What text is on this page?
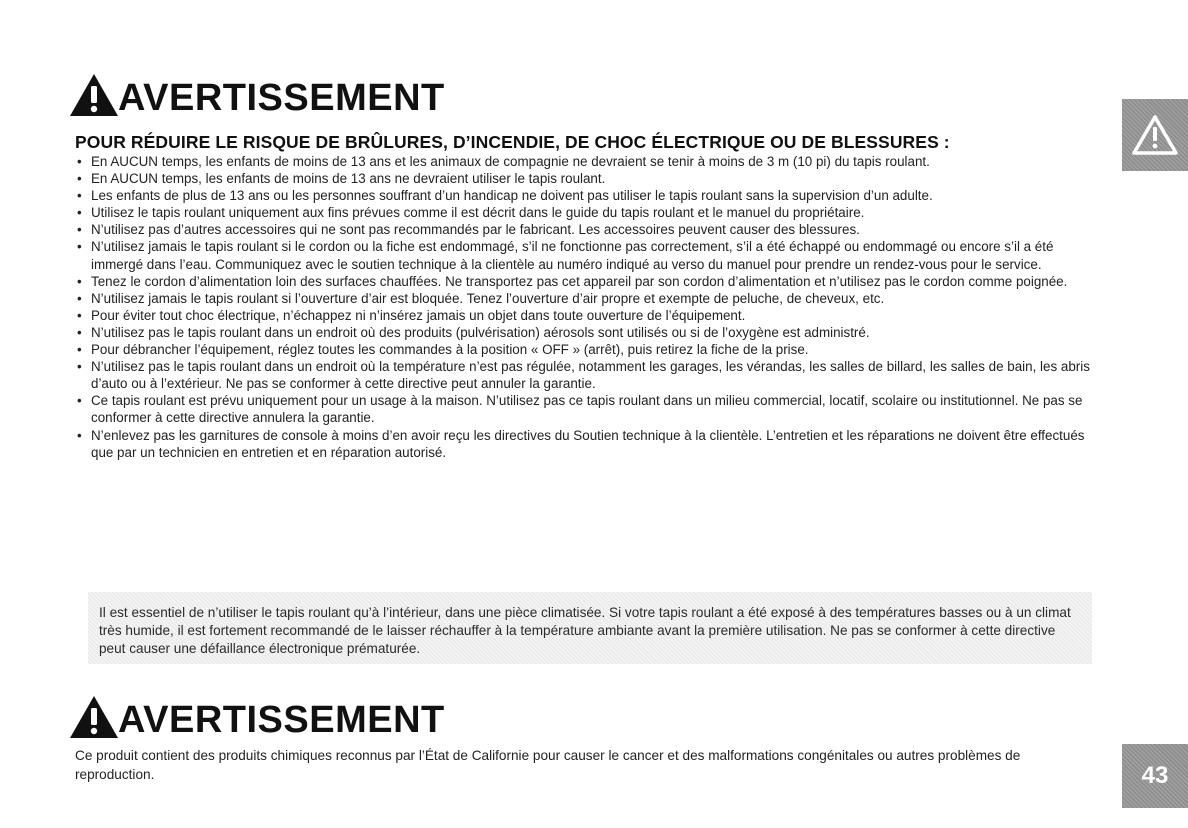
AVERTISSEMENT
POUR RÉDUIRE LE RISQUE DE BRÛLURES, D’INCENDIE, DE CHOC ÉLECTRIQUE OU DE BLESSURES :
• En AUCUN temps, les enfants de moins de 13 ans et les animaux de compagnie ne devraient se tenir à moins de 3 m (10 pi) du tapis roulant.
• En AUCUN temps, les enfants de moins de 13 ans ne devraient utiliser le tapis roulant.
• Les enfants de plus de 13 ans ou les personnes souffrant d’un handicap ne doivent pas utiliser le tapis roulant sans la supervision d’un adulte.
• Utilisez le tapis roulant uniquement aux fins prévues comme il est décrit dans le guide du tapis roulant et le manuel du propriétaire.
• N’utilisez pas d’autres accessoires qui ne sont pas recommandés par le fabricant. Les accessoires peuvent causer des blessures.
• N’utilisez jamais le tapis roulant si le cordon ou la fiche est endommagé, s’il ne fonctionne pas correctement, s’il a été échappé ou endommagé ou encore s’il a été immergé dans l’eau. Communiquez avec le soutien technique à la clientèle au numéro indiqué au verso du manuel pour prendre un rendez-vous pour le service.
• Tenez le cordon d’alimentation loin des surfaces chauffées. Ne transportez pas cet appareil par son cordon d’alimentation et n’utilisez pas le cordon comme poignée.
• N’utilisez jamais le tapis roulant si l’ouverture d’air est bloquée. Tenez l’ouverture d’air propre et exempte de peluche, de cheveux, etc.
• Pour éviter tout choc électrique, n’échappez ni n’insérez jamais un objet dans toute ouverture de l’équipement.
• N’utilisez pas le tapis roulant dans un endroit où des produits (pulvérisation) aérosols sont utilisés ou si de l’oxygène est administré.
• Pour débrancher l’équipement, réglez toutes les commandes à la position « OFF » (arrêt), puis retirez la fiche de la prise.
• N’utilisez pas le tapis roulant dans un endroit où la température n’est pas régulée, notamment les garages, les vérandas, les salles de billard, les salles de bain, les abris d’auto ou à l’extérieur. Ne pas se conformer à cette directive peut annuler la garantie.
• Ce tapis roulant est prévu uniquement pour un usage à la maison. N’utilisez pas ce tapis roulant dans un milieu commercial, locatif, scolaire ou institutionnel. Ne pas se conformer à cette directive annulera la garantie.
• N’enlevez pas les garnitures de console à moins d’en avoir reçu les directives du Soutien technique à la clientèle. L’entretien et les réparations ne doivent être effectués que par un technicien en entretien et en réparation autorisé.
Il est essentiel de n’utiliser le tapis roulant qu’à l’intérieur, dans une pièce climatisée. Si votre tapis roulant a été exposé à des températures basses ou à un climat très humide, il est fortement recommandé de le laisser réchauffer à la température ambiante avant la première utilisation. Ne pas se conformer à cette directive peut causer une défaillance électronique prématurée.
AVERTISSEMENT
Ce produit contient des produits chimiques reconnus par l’État de Californie pour causer le cancer et des malformations congénitales ou autres problèmes de reproduction.	43
